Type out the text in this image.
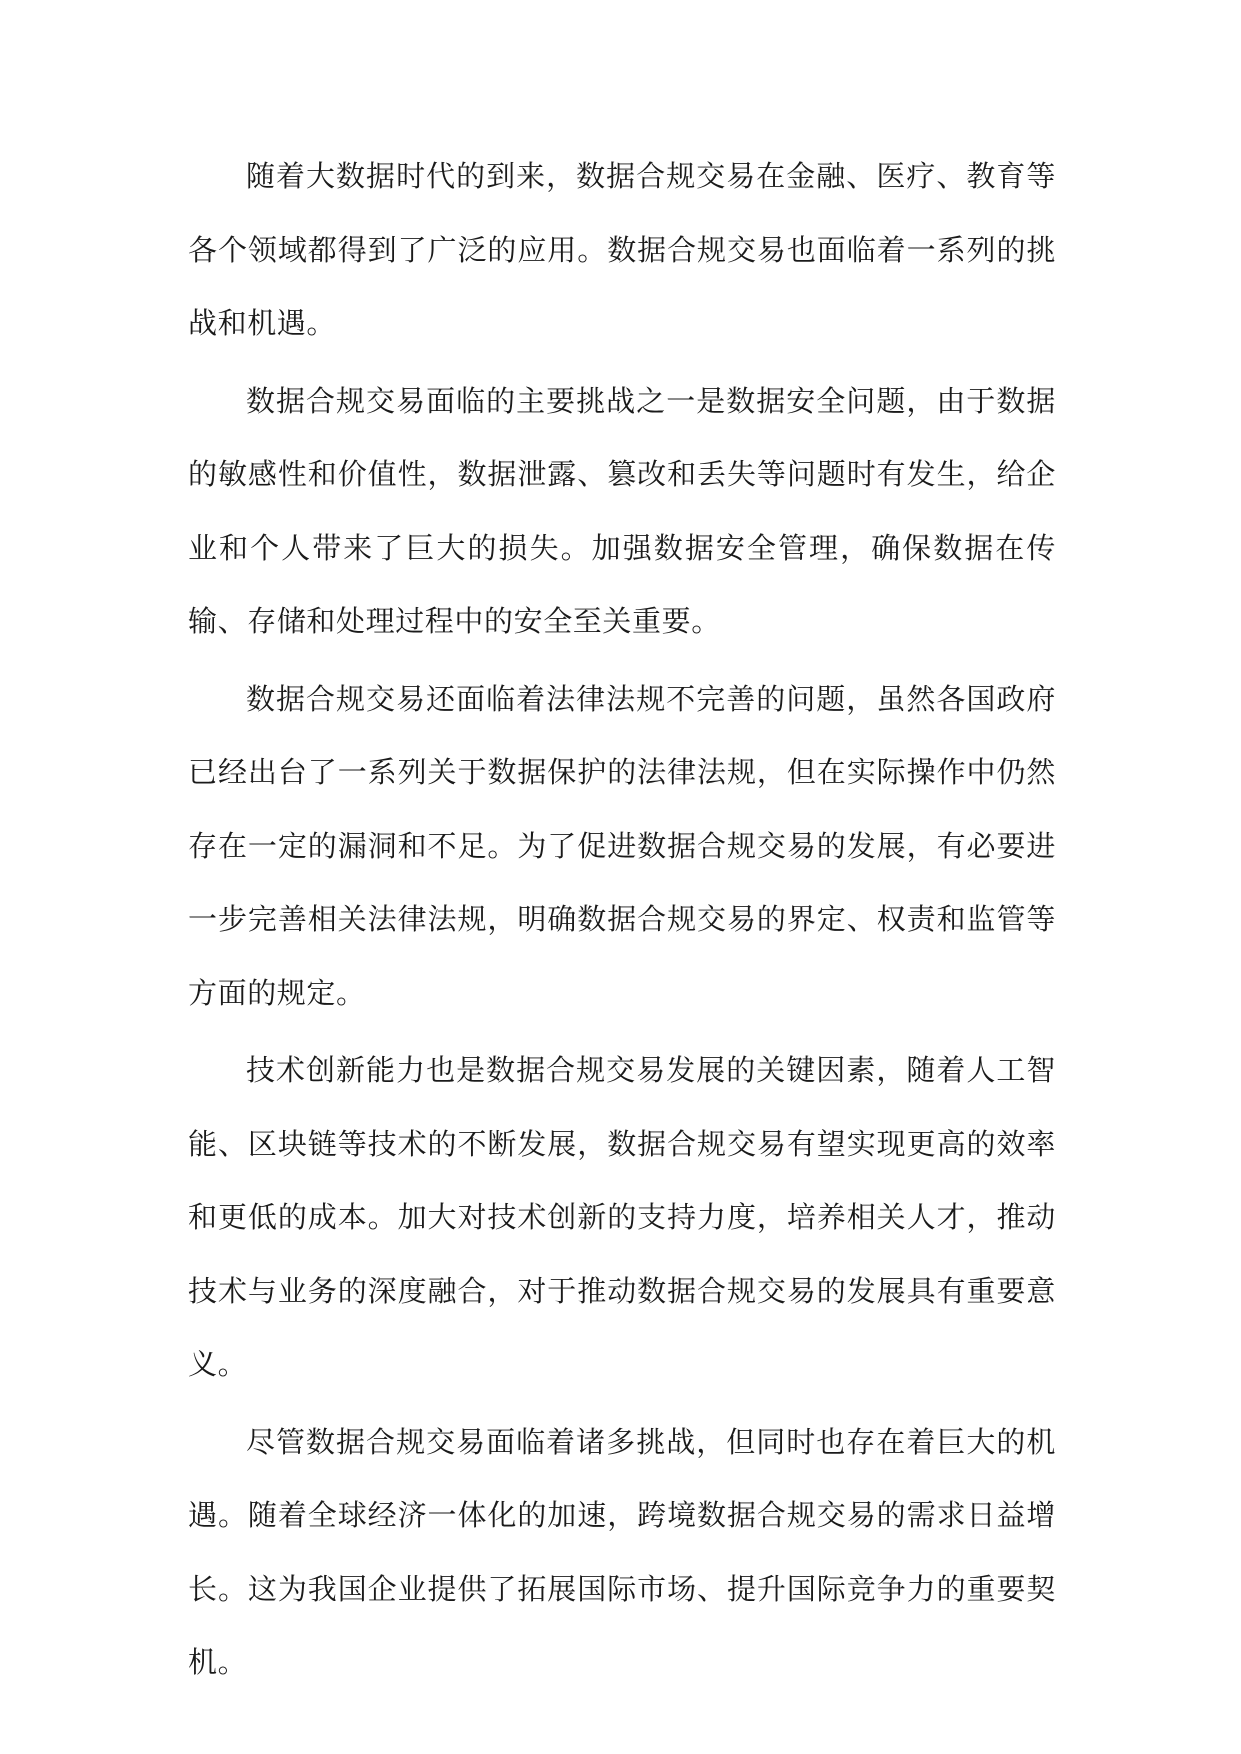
随着大数据时代的到来，数据合规交易在金融、医疗、教育等各个领域都得到了广泛的应用。数据合规交易也面临着一系列的挑战和机遇。

数据合规交易面临的主要挑战之一是数据安全问题，由于数据的敏感性和价值性，数据泄露、篡改和丢失等问题时有发生，给企业和个人带来了巨大的损失。加强数据安全管理，确保数据在传输、存储和处理过程中的安全至关重要。

数据合规交易还面临着法律法规不完善的问题，虽然各国政府已经出台了一系列关于数据保护的法律法规，但在实际操作中仍然存在一定的漏洞和不足。为了促进数据合规交易的发展，有必要进一步完善相关法律法规，明确数据合规交易的界定、权责和监管等方面的规定。

技术创新能力也是数据合规交易发展的关键因素，随着人工智能、区块链等技术的不断发展，数据合规交易有望实现更高的效率和更低的成本。加大对技术创新的支持力度，培养相关人才，推动技术与业务的深度融合，对于推动数据合规交易的发展具有重要意义。

尽管数据合规交易面临着诸多挑战，但同时也存在着巨大的机遇。随着全球经济一体化的加速，跨境数据合规交易的需求日益增长。这为我国企业提供了拓展国际市场、提升国际竞争力的重要契机。
